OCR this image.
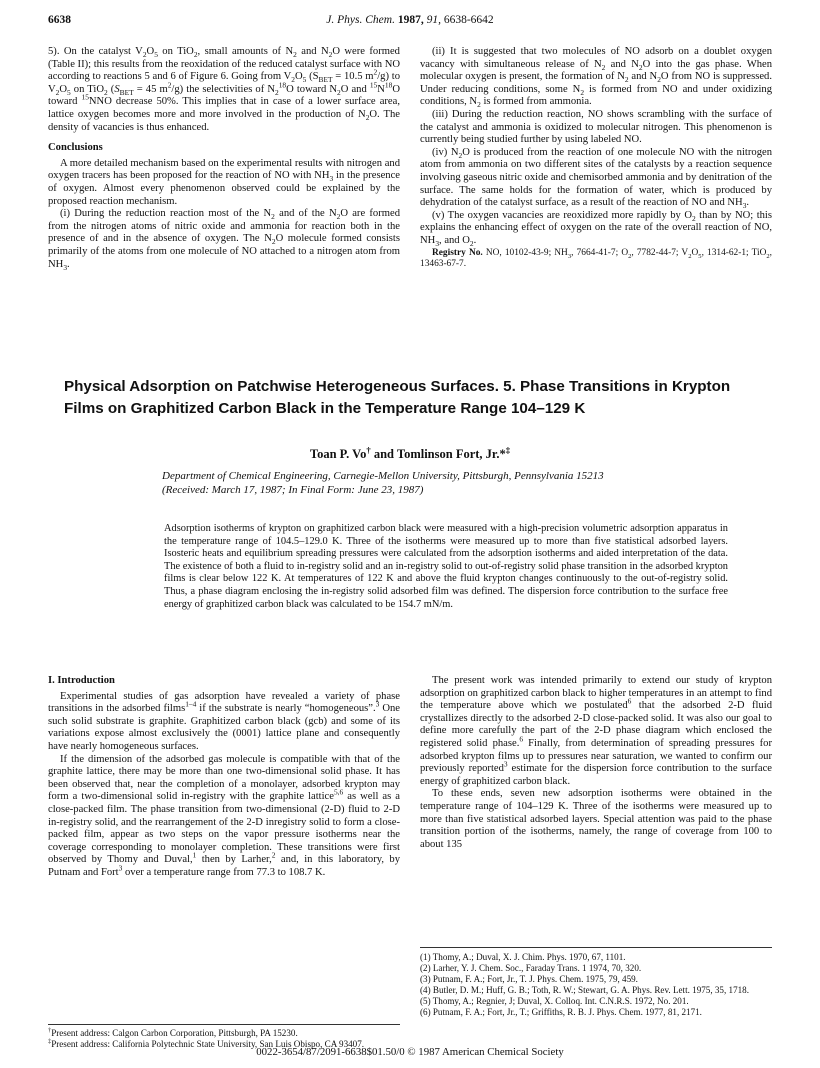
6638	J. Phys. Chem. 1987, 91, 6638-6642

5). On the catalyst $V_2O_5$ on TiO$_2$, small amounts of $N_2$ and $N_2O$ were formed (Table II); this results from the reoxidation of the reduced catalyst surface with NO according to reactions 5 and 6 of Figure 6. Going from $V_2O_5$ ($S_{BET} = 10.5$ $m^2/g$) to $V_2O_5$ on TiO$_2$ ($S_{BET} = 45$ $m^2/g$) the selectivities of $N_2^{18}O$ toward $N_2O$ and $^{15}N^{18}O$ toward $^{15}$NNO decrease 50%. This implies that in case of a lower surface area, lattice oxygen becomes more and more involved in the production of $N_2O$. The density of vacancies is thus enhanced.

Conclusions

A more detailed mechanism based on the experimental results with nitrogen and oxygen tracers has been proposed for the reaction of NO with $NH_3$ in the presence of oxygen. Almost every phenomenon observed could be explained by the proposed reaction mechanism.

(i) During the reduction reaction most of the $N_2$ and of the $N_2O$ are formed from the nitrogen atoms of nitric oxide and ammonia for reaction both in the presence of and in the absence of oxygen. The $N_2O$ molecule formed consists primarily of the atoms from one molecule of NO attached to a nitrogen atom from $NH_3$.

(ii) It is suggested that two molecules of NO adsorb on a doublet oxygen vacancy with simultaneous release of $N_2$ and $N_2O$ into the gas phase. When molecular oxygen is present, the formation of $N_2$ and $N_2O$ from NO is suppressed. Under reducing conditions, some $N_2$ is formed from NO and under oxidizing conditions, $N_2$ is formed from ammonia.

(iii) During the reduction reaction, NO shows scrambling with the surface of the catalyst and ammonia is oxidized to molecular nitrogen. This phenomenon is currently being studied further by using labeled NO.

(iv) $N_2O$ is produced from the reaction of one molecule NO with the nitrogen atom from ammonia on two different sites of the catalysts by a reaction sequence involving gaseous nitric oxide and chemisorbed ammonia and by denitration of the surface. The same holds for the formation of water, which is produced by dehydration of the catalyst surface, as a result of the reaction of NO and $NH_3$.

(v) The oxygen vacancies are reoxidized more rapidly by $O_2$ than by NO; this explains the enhancing effect of oxygen on the rate of the overall reaction of NO, $NH_3$, and $O_2$.

Registry No. NO, 10102-43-9; $NH_3$, 7664-41-7; $O_2$, 7782-44-7; $V_2O_5$, 1314-62-1; TiO$_2$, 13463-67-7.

Physical Adsorption on Patchwise Heterogeneous Surfaces. 5. Phase Transitions in Krypton Films on Graphitized Carbon Black in the Temperature Range 104–129 K
Toan P. Vo† and Tomlinson Fort, Jr.*‡
Department of Chemical Engineering, Carnegie-Mellon University, Pittsburgh, Pennsylvania 15213
(Received: March 17, 1987; In Final Form: June 23, 1987)
Adsorption isotherms of krypton on graphitized carbon black were measured with a high-precision volumetric adsorption apparatus in the temperature range of 104.5–129.0 K. Three of the isotherms were measured up to more than five statistical adsorbed layers. Isosteric heats and equilibrium spreading pressures were calculated from the adsorption isotherms and aided interpretation of the data. The existence of both a fluid to in-registry solid and an in-registry solid to out-of-registry solid phase transition in the adsorbed krypton films is clear below 122 K. At temperatures of 122 K and above the fluid krypton changes continuously to the out-of-registry solid. Thus, a phase diagram enclosing the in-registry solid adsorbed film was defined. The dispersion force contribution to the surface free energy of graphitized carbon black was calculated to be 154.7 mN/m.
I. Introduction

Experimental studies of gas adsorption have revealed a variety of phase transitions in the adsorbed films$^{1-4}$ if the substrate is nearly “homogeneous”.$^3$ One such solid substrate is graphite. Graphitized carbon black (gcb) and some of its variations expose almost exclusively the (0001) lattice plane and consequently have nearly homogeneous surfaces.

If the dimension of the adsorbed gas molecule is compatible with that of the graphite lattice, there may be more than one two-dimensional solid phase. It has been observed that, near the completion of a monolayer, adsorbed krypton may form a two-dimensional solid in-registry with the graphite lattice$^{5,6}$ as well as a close-packed film. The phase transition from two-dimensional (2-D) fluid to 2-D in-registry solid, and the rearrangement of the 2-D inregistry solid to form a close-packed film, appear as two steps on the vapor pressure isotherms near the coverage corresponding to monolayer completion. These transitions were first observed by Thomy and Duval,$^1$ then by Larher,$^2$ and, in this laboratory, by Putnam and Fort$^3$ over a temperature range from 77.3 to 108.7 K.

The present work was intended primarily to extend our study of krypton adsorption on graphitized carbon black to higher temperatures in an attempt to find the temperature above which we postulated$^6$ that the adsorbed 2-D fluid crystallizes directly to the adsorbed 2-D close-packed solid. It was also our goal to define more carefully the part of the 2-D phase diagram which enclosed the registered solid phase.$^6$ Finally, from determination of spreading pressures for adsorbed krypton films up to pressures near saturation, we wanted to confirm our previously reported$^3$ estimate for the dispersion force contribution to the surface energy of graphitized carbon black.

To these ends, seven new adsorption isotherms were obtained in the temperature range of 104–129 K. Three of the isotherms were measured up to more than five statistical adsorbed layers. Special attention was paid to the phase transition portion of the isotherms, namely, the range of coverage from 100 to about 135

(1) Thomy, A.; Duval, X. J. Chim. Phys. 1970, 67, 1101.
(2) Larher, Y. J. Chem. Soc., Faraday Trans. 1 1974, 70, 320.
(3) Putnam, F. A.; Fort, Jr., T. J. Phys. Chem. 1975, 79, 459.
(4) Butler, D. M.; Huff, G. B.; Toth, R. W.; Stewart, G. A. Phys. Rev. Lett. 1975, 35, 1718.
(5) Thomy, A.; Regnier, J; Duval, X. Colloq. Int. C.N.R.S. 1972, No. 201.
(6) Putnam, F. A.; Fort, Jr., T.; Griffiths, R. B. J. Phys. Chem. 1977, 81, 2171.
†Present address: Calgon Carbon Corporation, Pittsburgh, PA 15230.
‡Present address: California Polytechnic State University, San Luis Obispo, CA 93407.
0022-3654/87/2091-6638$01.50/0 © 1987 American Chemical Society
